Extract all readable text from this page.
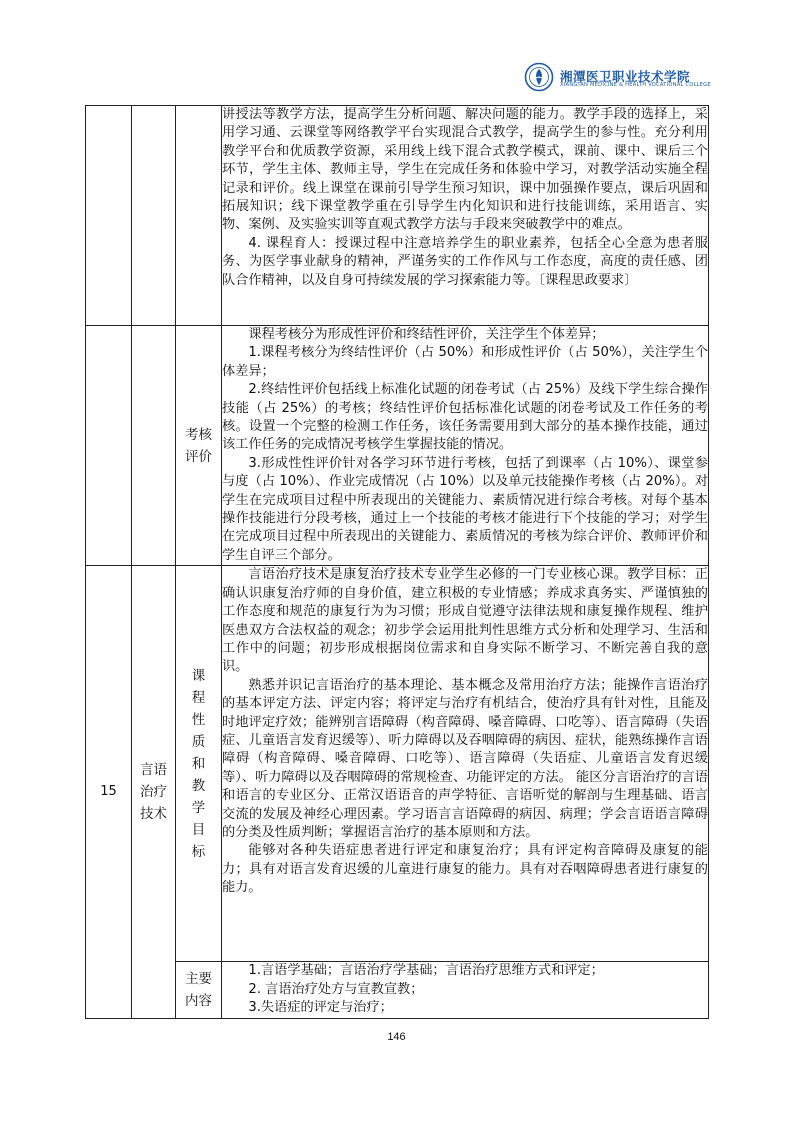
湘潭医卫职业技术学院
XIANGTAN MEDICINE & HEALTH VOCATIONAL COLLEGE

			讲授法等教学方法，提高学生分析问题、解决问题的能力。教学手段的选择上，采用学习通、云课堂等网络教学平台实现混合式教学，提高学生的参与性。充分利用教学平台和优质教学资源，采用线上线下混合式教学模式，课前、课中、课后三个环节，学生主体、教师主导，学生在完成任务和体验中学习，对教学活动实施全程记录和评价。线上课堂在课前引导学生预习知识，课中加强操作要点，课后巩固和拓展知识；线下课堂教学重在引导学生内化知识和进行技能训练，采用语言、实物、案例、及实验实训等直观式教学方法与手段来突破教学中的难点。

4. 课程育人：授课过程中注意培养学生的职业素养，包括全心全意为患者服务、为医学事业献身的精神，严谨务实的工作作风与工作态度，高度的责任感、团队合作精神，以及自身可持续发展的学习探索能力等。〔课程思政要求〕

		考核评价	课程考核分为形成性评价和终结性评价，关注学生个体差异；

1.课程考核分为终结性评价（占 50%）和形成性评价（占 50%），关注学生个体差异；

2.终结性评价包括线上标准化试题的闭卷考试（占 25%）及线下学生综合操作技能（占 25%）的考核；终结性评价包括标准化试题的闭卷考试及工作任务的考核。设置一个完整的检测工作任务，该任务需要用到大部分的基本操作技能，通过该工作任务的完成情况考核学生掌握技能的情况。

3.形成性性评价针对各学习环节进行考核，包括了到课率（占 10%）、课堂参与度（占 10%）、作业完成情况（占 10%）以及单元技能操作考核（占 20%）。对学生在完成项目过程中所表现出的关键能力、素质情况进行综合考核。对每个基本操作技能进行分段考核，通过上一个技能的考核才能进行下个技能的学习；对学生在完成项目过程中所表现出的关键能力、素质情况的考核为综合评价、教师评价和学生自评三个部分。

15	言语治疗技术	课程性质和教学目标	言语治疗技术是康复治疗技术专业学生必修的一门专业核心课。教学目标：正确认识康复治疗师的自身价值，建立积极的专业情感；养成求真务实、严谨慎独的工作态度和规范的康复行为为习惯；形成自觉遵守法律法规和康复操作规程、维护医患双方合法权益的观念；初步学会运用批判性思维方式分析和处理学习、生活和工作中的问题；初步形成根据岗位需求和自身实际不断学习、不断完善自我的意识。

熟悉并识记言语治疗的基本理论、基本概念及常用治疗方法；能操作言语治疗的基本评定方法、评定内容；将评定与治疗有机结合，使治疗具有针对性，且能及时地评定疗效；能辨别言语障碍（构音障碍、嗓音障碍、口吃等）、语言障碍（失语症、儿童语言发育迟缓等）、听力障碍以及吞咽障碍的病因、症状，能熟练操作言语障碍（构音障碍、嗓音障碍、口吃等）、语言障碍（失语症、儿童语言发育迟缓等）、听力障碍以及吞咽障碍的常规检查、功能评定的方法。 能区分言语治疗的言语和语言的专业区分、正常汉语语音的声学特征、言语听觉的解剖与生理基础、语言交流的发展及神经心理因素。学习语言言语障碍的病因、病理；学会言语语言障碍的分类及性质判断；掌握语言治疗的基本原则和方法。

能够对各种失语症患者进行评定和康复治疗；具有评定构音障碍及康复的能力；具有对语言发育迟缓的儿童进行康复的能力。具有对吞咽障碍患者进行康复的能力。

		主要内容	1.言语学基础；言语治疗学基础；言语治疗思维方式和评定；

2. 言语治疗处方与宣教宣教；

3.失语症的评定与治疗；

146
